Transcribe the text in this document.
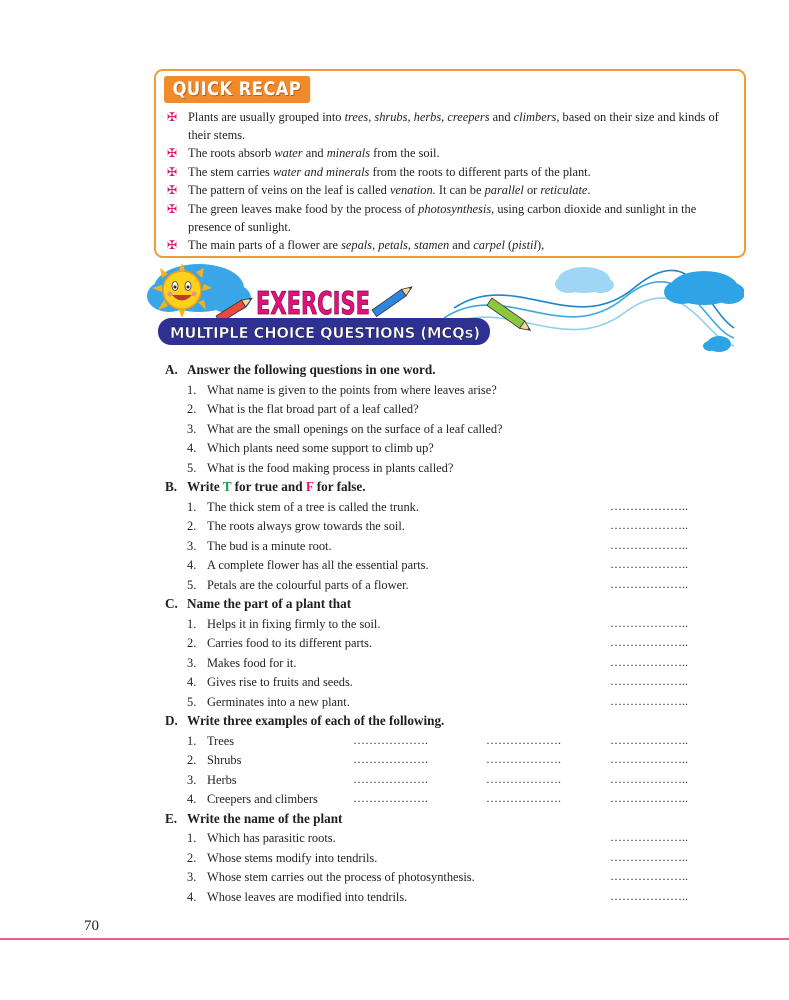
QUICK RECAP
✠ Plants are usually grouped into trees, shrubs, herbs, creepers and climbers, based on their size and kinds of their stems.
✠ The roots absorb water and minerals from the soil.
✠ The stem carries water and minerals from the roots to different parts of the plant.
✠ The pattern of veins on the leaf is called venation. It can be parallel or reticulate.
✠ The green leaves make food by the process of photosynthesis, using carbon dioxide and sunlight in the presence of sunlight.
✠ The main parts of a flower are sepals, petals, stamen and carpel (pistil),
MULTIPLE CHOICE QUESTIONS (MCQs)
EXERCISE
A. Answer the following questions in one word.
1. What name is given to the points from where leaves arise?
2. What is the flat broad part of a leaf called?
3. What are the small openings on the surface of a leaf called?
4. Which plants need some support to climb up?
5. What is the food making process in plants called?
B. Write T for true and F for false.
1. The thick stem of a tree is called the trunk.	………………..
2. The roots always grow towards the soil.	………………..
3. The bud is a minute root.	………………..
4. A complete flower has all the essential parts.	………………..
5. Petals are the colourful parts of a flower.	………………..
C. Name the part of a plant that
1. Helps it in fixing firmly to the soil.	………………..
2. Carries food to its different parts.	………………..
3. Makes food for it.	………………..
4. Gives rise to fruits and seeds.	………………..
5. Germinates into a new plant.	………………..
D. Write three examples of each of the following.
1. Trees	……………….	……………….	………………..
2. Shrubs	……………….	……………….	………………..
3. Herbs	……………….	……………….	………………..
4. Creepers and climbers	……………….	……………….	………………..
E. Write the name of the plant
1. Which has parasitic roots.	………………..
2. Whose stems modify into tendrils.	………………..
3. Whose stem carries out the process of photosynthesis.	………………..
4. Whose leaves are modified into tendrils.	………………..
70
